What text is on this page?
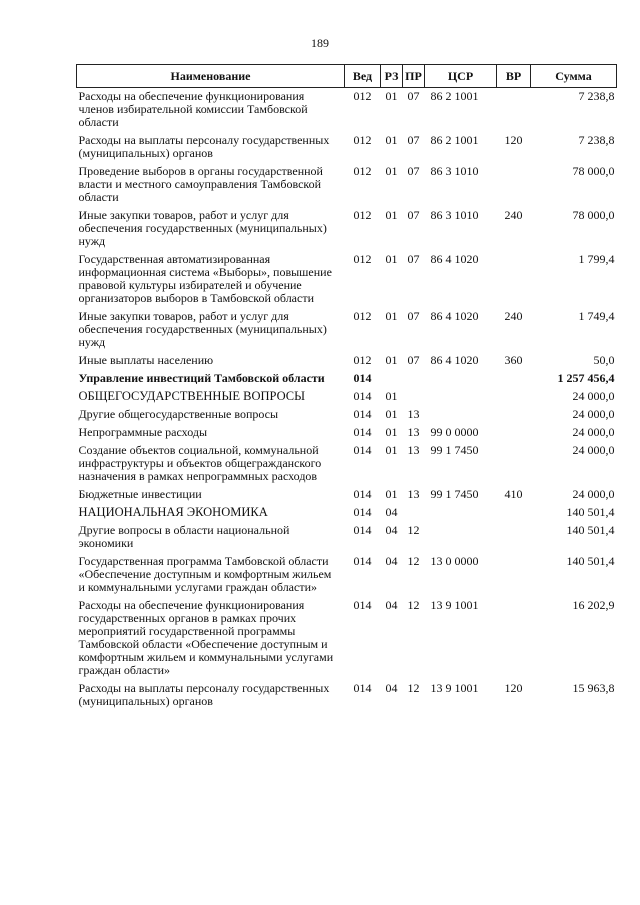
189
Наименование	Вед	РЗ	ПР	ЦСР	ВР	Сумма
Расходы на обеспечение функционирования членов избирательной комиссии Тамбовской области	012	01	07	86 2 1001		7 238,8
Расходы на выплаты персоналу государственных (муниципальных) органов	012	01	07	86 2 1001	120	7 238,8
Проведение выборов в органы государственной власти и местного самоуправления Тамбовской области	012	01	07	86 3 1010		78 000,0
Иные закупки товаров, работ и услуг для обеспечения государственных (муниципальных) нужд	012	01	07	86 3 1010	240	78 000,0
Государственная автоматизированная информационная система «Выборы», повышение правовой культуры избирателей и обучение организаторов выборов в Тамбовской области	012	01	07	86 4 1020		1 799,4
Иные закупки товаров, работ и услуг для обеспечения государственных (муниципальных) нужд	012	01	07	86 4 1020	240	1 749,4
Иные выплаты населению	012	01	07	86 4 1020	360	50,0
Управление инвестиций Тамбовской области	014					1 257 456,4
ОБЩЕГОСУДАРСТВЕННЫЕ ВОПРОСЫ	014	01				24 000,0
Другие общегосударственные вопросы	014	01	13			24 000,0
Непрограммные расходы	014	01	13	99 0 0000		24 000,0
Создание объектов социальной, коммунальной инфраструктуры и объектов общегражданского назначения в рамках непрограммных расходов	014	01	13	99 1 7450		24 000,0
Бюджетные инвестиции	014	01	13	99 1 7450	410	24 000,0
НАЦИОНАЛЬНАЯ ЭКОНОМИКА	014	04				140 501,4
Другие вопросы в области национальной экономики	014	04	12			140 501,4
Государственная программа Тамбовской области «Обеспечение доступным и комфортным жильем и коммунальными услугами граждан области»	014	04	12	13 0 0000		140 501,4
Расходы на обеспечение функционирования государственных органов в рамках прочих мероприятий государственной программы Тамбовской области «Обеспечение доступным и комфортным жильем и коммунальными услугами граждан области»	014	04	12	13 9 1001		16 202,9
Расходы на выплаты персоналу государственных (муниципальных) органов	014	04	12	13 9 1001	120	15 963,8
